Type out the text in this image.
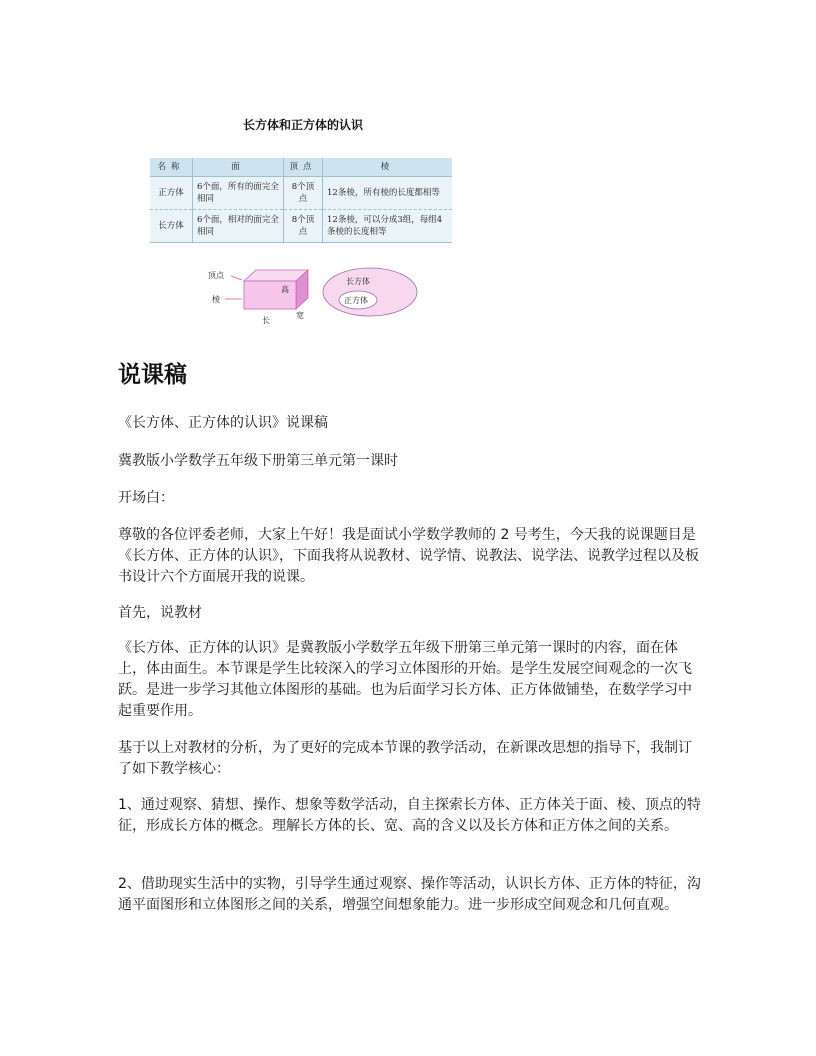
长方体和正方体的认识
名称	面	顶点	棱
正方体	6个面，所有的面完全相同	8个顶点	12条棱，所有棱的长度都相等
长方体	6个面，相对的面完全相同	8个顶点	12条棱，可以分成3组，每组4条棱的长度相等
顶点
棱
高
宽
长
长方体
正方体
说课稿

《长方体、正方体的认识》说课稿

冀教版小学数学五年级下册第三单元第一课时

开场白：

尊敬的各位评委老师，大家上午好！我是面试小学数学教师的 2 号考生，今天我的说课题目是《长方体、正方体的认识》，下面我将从说教材、说学情、说教法、说学法、说教学过程以及板书设计六个方面展开我的说课。

首先，说教材

《长方体、正方体的认识》是冀教版小学数学五年级下册第三单元第一课时的内容，面在体上，体由面生。本节课是学生比较深入的学习立体图形的开始。是学生发展空间观念的一次飞跃。是进一步学习其他立体图形的基础。也为后面学习长方体、正方体做铺垫，在数学学习中起重要作用。

基于以上对教材的分析，为了更好的完成本节课的教学活动，在新课改思想的指导下，我制订了如下教学核心：

1、通过观察、猜想、操作、想象等数学活动，自主探索长方体、正方体关于面、棱、顶点的特征，形成长方体的概念。理解长方体的长、宽、高的含义以及长方体和正方体之间的关系。

2、借助现实生活中的实物，引导学生通过观察、操作等活动，认识长方体、正方体的特征，沟通平面图形和立体图形之间的关系，增强空间想象能力。进一步形成空间观念和几何直观。
